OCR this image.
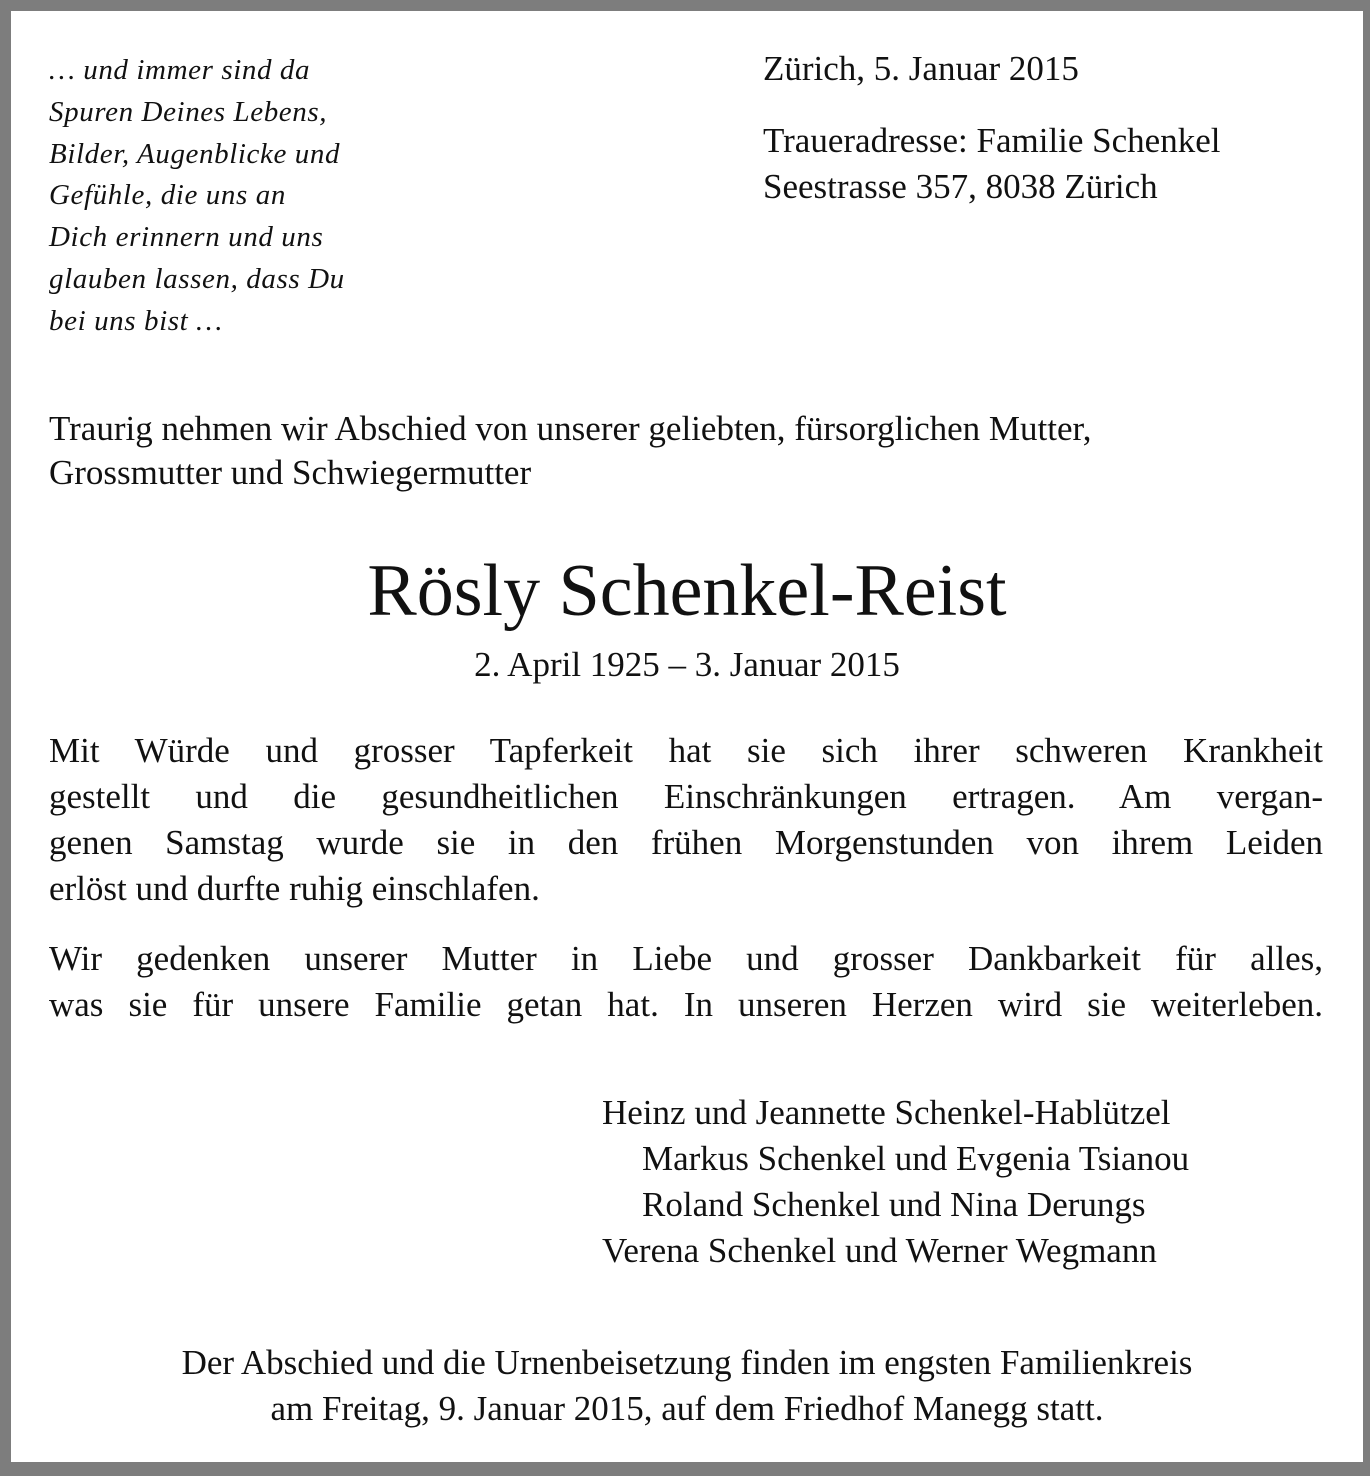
… und immer sind da
Spuren Deines Lebens,
Bilder, Augenblicke und
Gefühle, die uns an
Dich erinnern und uns
glauben lassen, dass Du
bei uns bist …
Zürich, 5. Januar 2015
Traueradresse: Familie Schenkel
Seestrasse 357, 8038 Zürich
Traurig nehmen wir Abschied von unserer geliebten, fürsorglichen Mutter,
Grossmutter und Schwiegermutter
Rösly Schenkel-Reist
2. April 1925 – 3. Januar 2015
Mit Würde und grosser Tapferkeit hat sie sich ihrer schweren Krankheit
gestellt und die gesundheitlichen Einschränkungen ertragen. Am vergan-
genen Samstag wurde sie in den frühen Morgenstunden von ihrem Leiden
erlöst und durfte ruhig einschlafen.
Wir gedenken unserer Mutter in Liebe und grosser Dankbarkeit für alles,
was sie für unsere Familie getan hat. In unseren Herzen wird sie weiterleben.
Heinz und Jeannette Schenkel-Hablützel
Markus Schenkel und Evgenia Tsianou
Roland Schenkel und Nina Derungs
Verena Schenkel und Werner Wegmann
Der Abschied und die Urnenbeisetzung finden im engsten Familienkreis
am Freitag, 9. Januar 2015, auf dem Friedhof Manegg statt.
